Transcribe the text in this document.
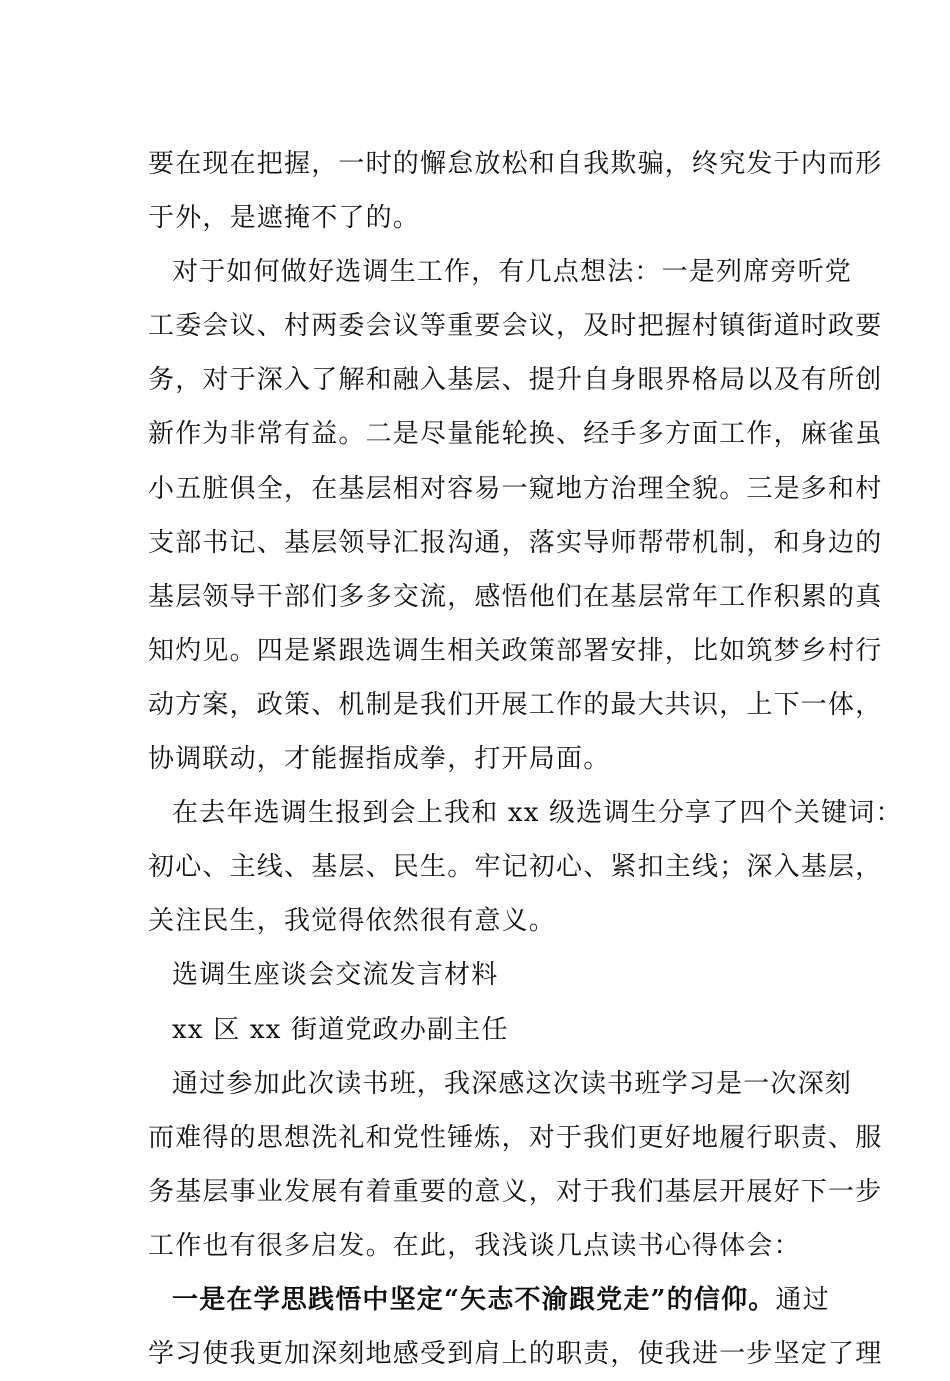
要在现在把握，一时的懈怠放松和自我欺骗，终究发于内而形
于外，是遮掩不了的。
对于如何做好选调生工作，有几点想法：一是列席旁听党
工委会议、村两委会议等重要会议，及时把握村镇街道时政要
务，对于深入了解和融入基层、提升自身眼界格局以及有所创
新作为非常有益。二是尽量能轮换、经手多方面工作，麻雀虽
小五脏俱全，在基层相对容易一窥地方治理全貌。三是多和村
支部书记、基层领导汇报沟通，落实导师帮带机制，和身边的
基层领导干部们多多交流，感悟他们在基层常年工作积累的真
知灼见。四是紧跟选调生相关政策部署安排，比如筑梦乡村行
动方案，政策、机制是我们开展工作的最大共识，上下一体，
协调联动，才能握指成拳，打开局面。
在去年选调生报到会上我和 xx 级选调生分享了四个关键词：
初心、主线、基层、民生。牢记初心、紧扣主线；深入基层，
关注民生，我觉得依然很有意义。
选调生座谈会交流发言材料
xx 区 xx 街道党政办副主任
通过参加此次读书班，我深感这次读书班学习是一次深刻
而难得的思想洗礼和党性锤炼，对于我们更好地履行职责、服
务基层事业发展有着重要的意义，对于我们基层开展好下一步
工作也有很多启发。在此，我浅谈几点读书心得体会：
一是在学思践悟中坚定“矢志不渝跟党走”的信仰。通过
学习使我更加深刻地感受到肩上的职责，使我进一步坚定了理
